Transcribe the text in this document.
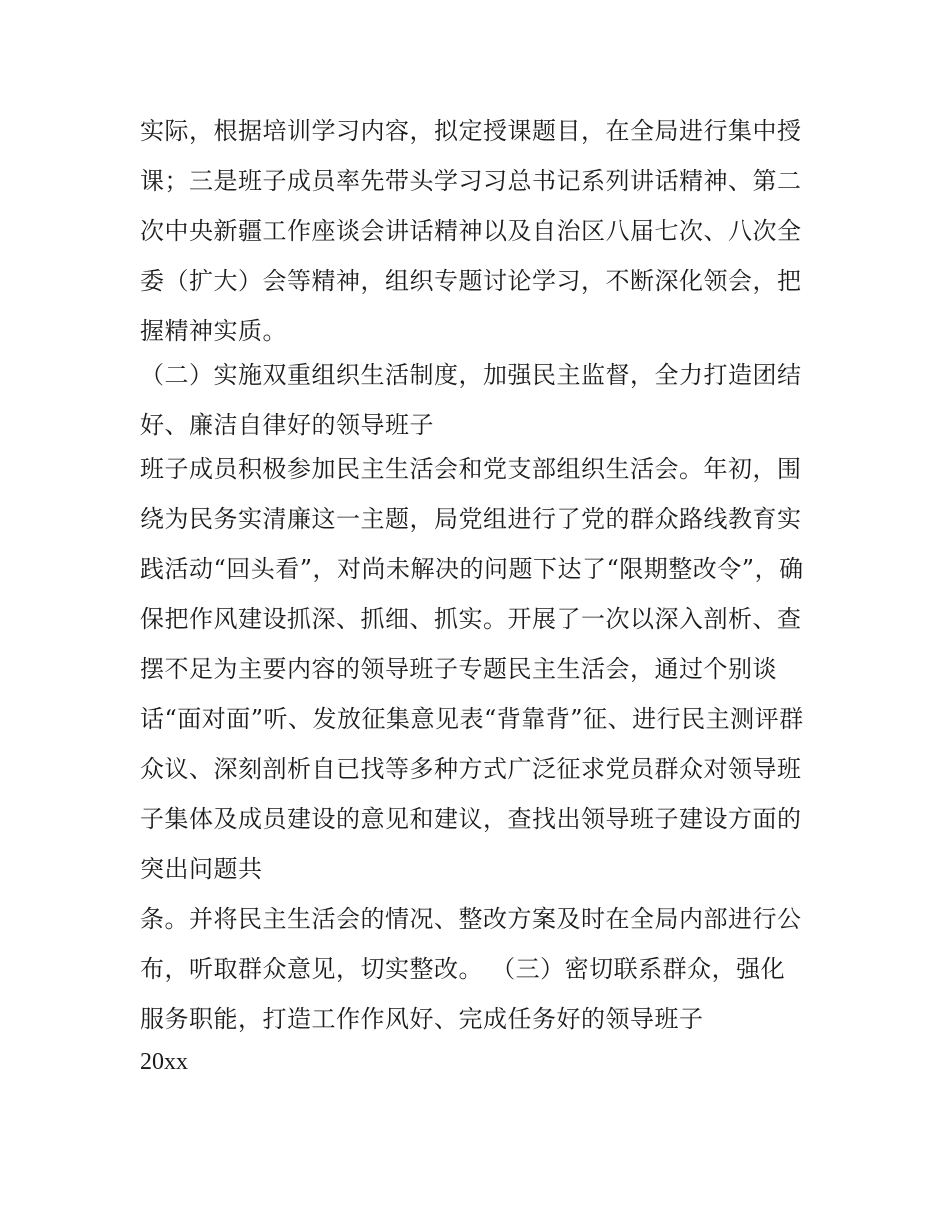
实际，根据培训学习内容，拟定授课题目，在全局进行集中授
课；三是班子成员率先带头学习习总书记系列讲话精神、第二
次中央新疆工作座谈会讲话精神以及自治区八届七次、八次全
委（扩大）会等精神，组织专题讨论学习，不断深化领会，把
握精神实质。
（二）实施双重组织生活制度，加强民主监督，全力打造团结
好、廉洁自律好的领导班子
班子成员积极参加民主生活会和党支部组织生活会。年初，围
绕为民务实清廉这一主题，局党组进行了党的群众路线教育实
践活动“回头看”，对尚未解决的问题下达了“限期整改令”，确
保把作风建设抓深、抓细、抓实。开展了一次以深入剖析、查
摆不足为主要内容的领导班子专题民主生活会，通过个别谈
话“面对面”听、发放征集意见表“背靠背”征、进行民主测评群
众议、深刻剖析自已找等多种方式广泛征求党员群众对领导班
子集体及成员建设的意见和建议，查找出领导班子建设方面的
突出问题共
条。并将民主生活会的情况、整改方案及时在全局内部进行公
布，听取群众意见，切实整改。 （三）密切联系群众，强化
服务职能，打造工作作风好、完成任务好的领导班子
20xx
